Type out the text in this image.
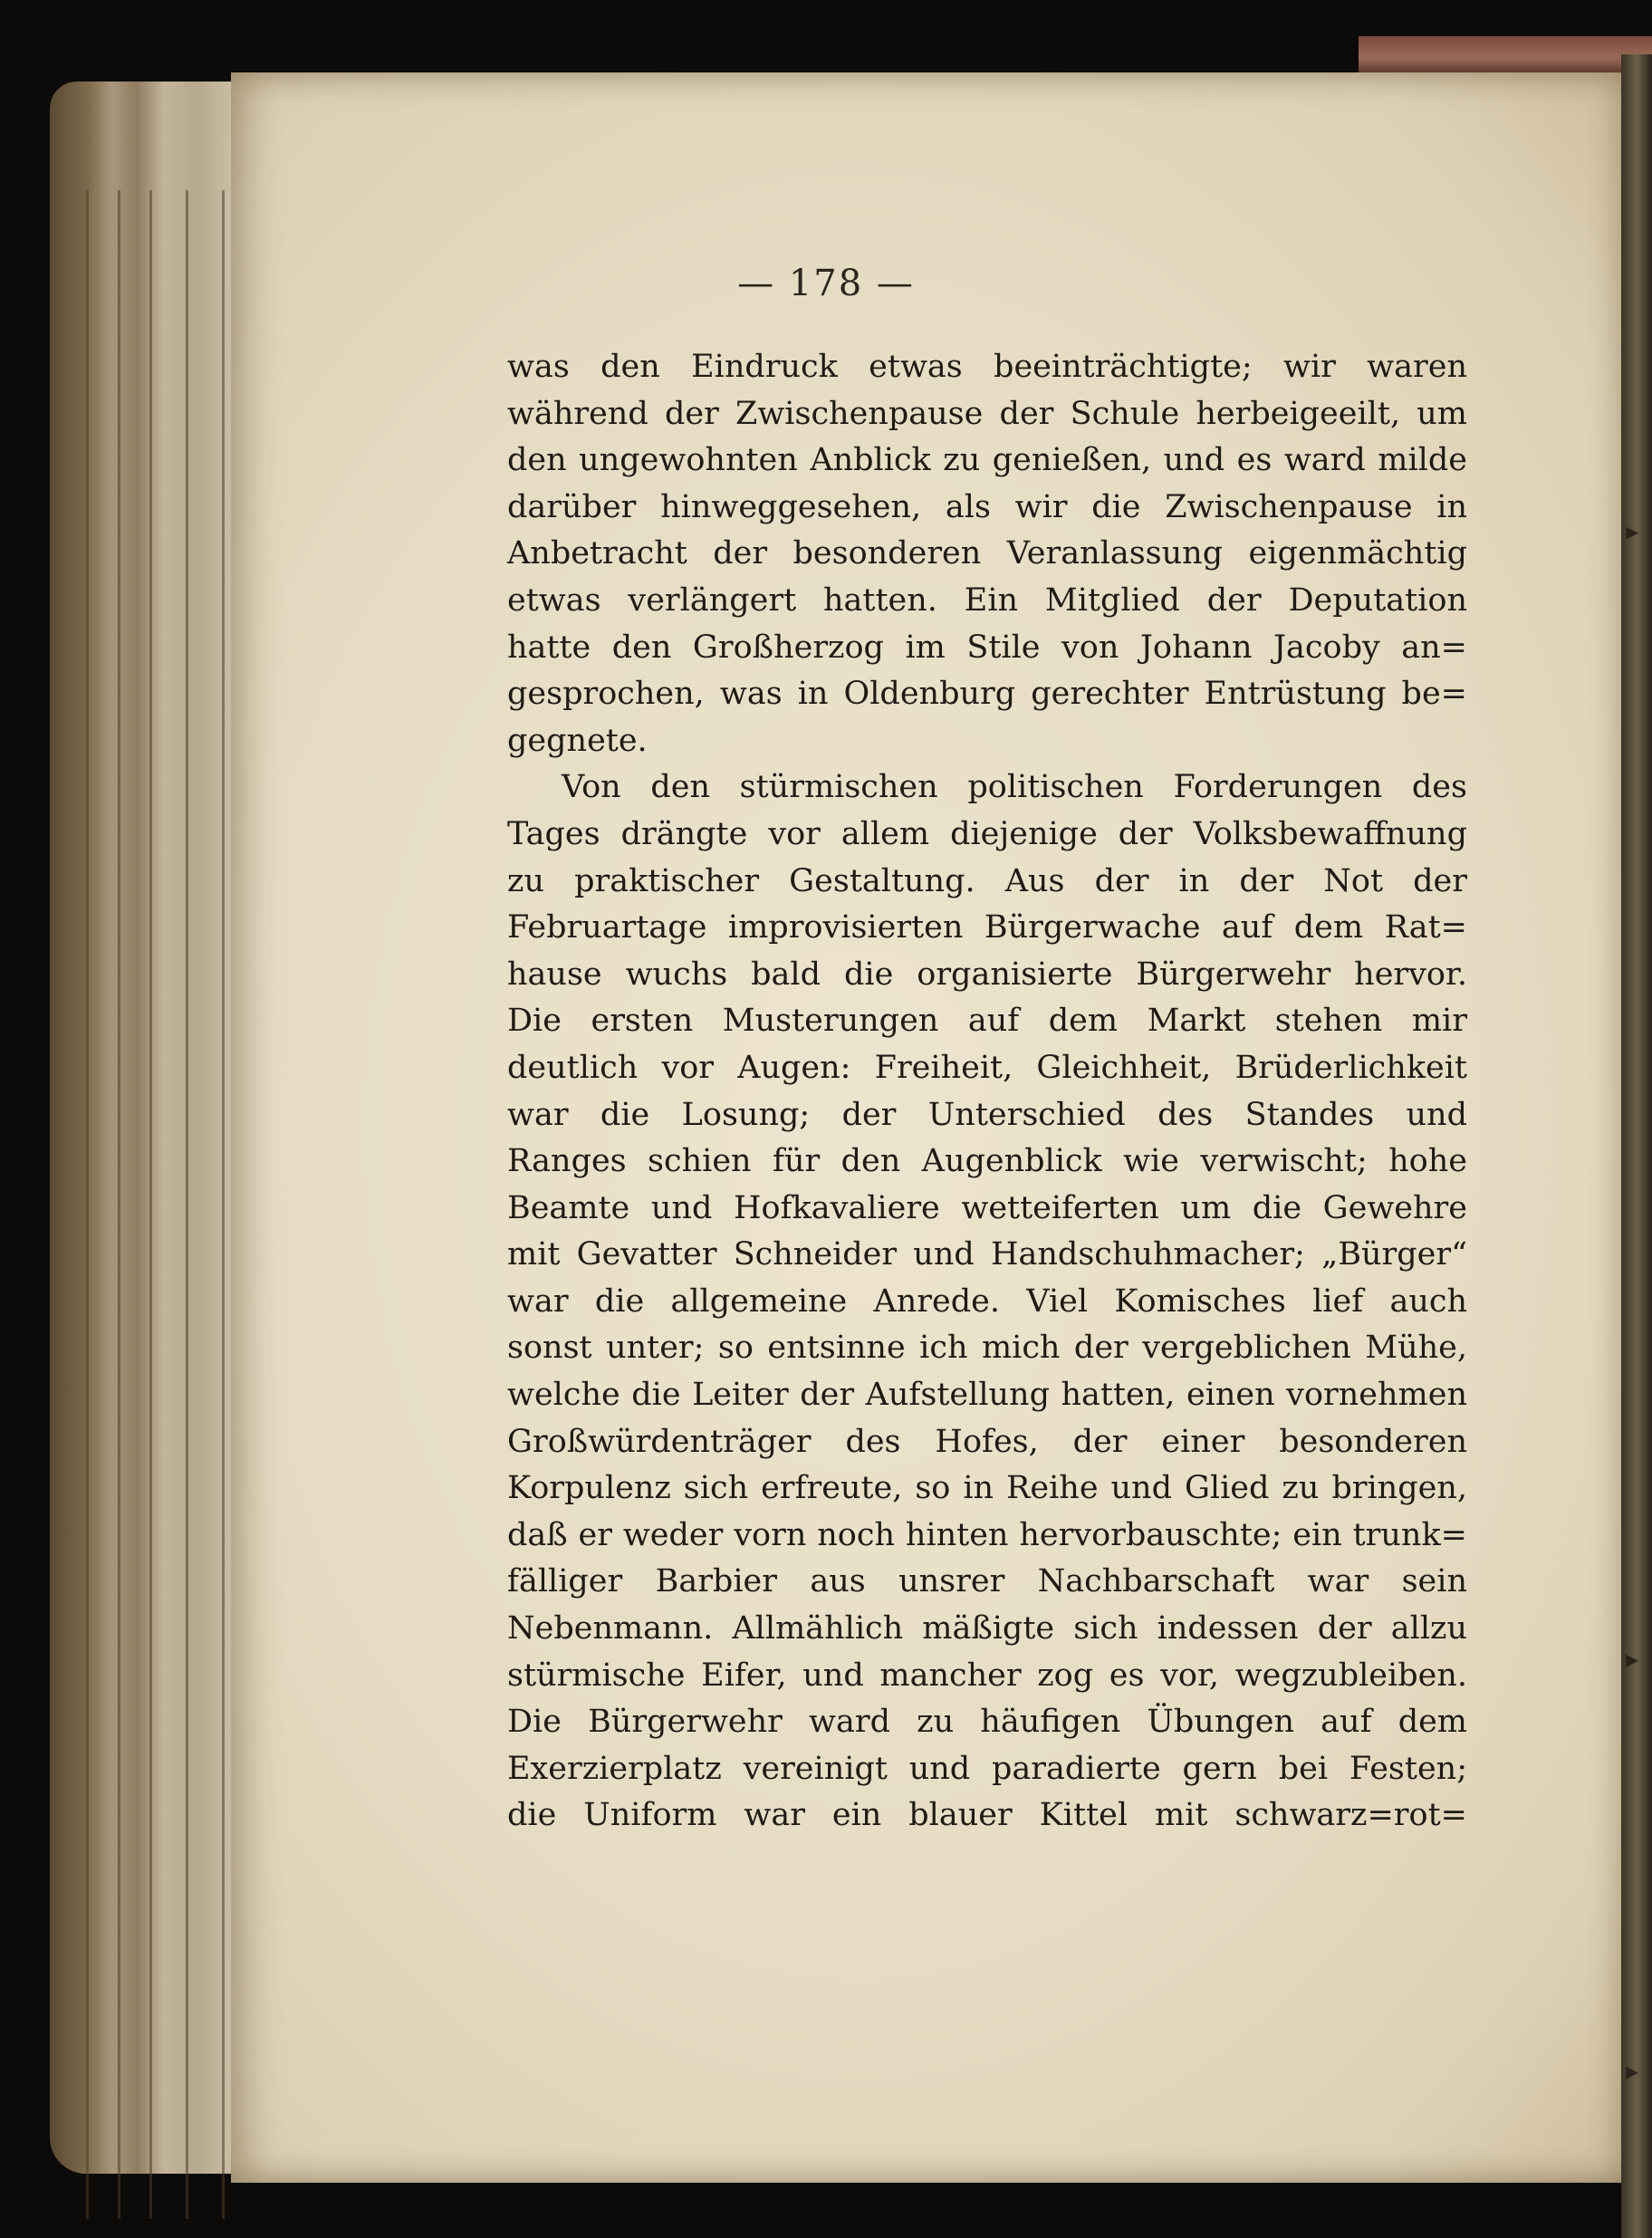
— 178 —
was den Eindruck etwas beeinträchtigte; wir waren
während der Zwischenpause der Schule herbeigeeilt, um
den ungewohnten Anblick zu genießen, und es ward milde
darüber hinweggesehen, als wir die Zwischenpause in
Anbetracht der besonderen Veranlassung eigenmächtig
etwas verlängert hatten. Ein Mitglied der Deputation
hatte den Großherzog im Stile von Johann Jacoby an=
gesprochen, was in Oldenburg gerechter Entrüstung be=
gegnete.
Von den stürmischen politischen Forderungen des
Tages drängte vor allem diejenige der Volksbewaffnung
zu praktischer Gestaltung. Aus der in der Not der
Februartage improvisierten Bürgerwache auf dem Rat=
hause wuchs bald die organisierte Bürgerwehr hervor.
Die ersten Musterungen auf dem Markt stehen mir
deutlich vor Augen: Freiheit, Gleichheit, Brüderlichkeit
war die Losung; der Unterschied des Standes und
Ranges schien für den Augenblick wie verwischt; hohe
Beamte und Hofkavaliere wetteiferten um die Gewehre
mit Gevatter Schneider und Handschuhmacher; „Bürger“
war die allgemeine Anrede. Viel Komisches lief auch
sonst unter; so entsinne ich mich der vergeblichen Mühe,
welche die Leiter der Aufstellung hatten, einen vornehmen
Großwürdenträger des Hofes, der einer besonderen
Korpulenz sich erfreute, so in Reihe und Glied zu bringen,
daß er weder vorn noch hinten hervorbauschte; ein trunk=
fälliger Barbier aus unsrer Nachbarschaft war sein
Nebenmann. Allmählich mäßigte sich indessen der allzu
stürmische Eifer, und mancher zog es vor, wegzubleiben.
Die Bürgerwehr ward zu häufigen Übungen auf dem
Exerzierplatz vereinigt und paradierte gern bei Festen;
die Uniform war ein blauer Kittel mit schwarz=rot=
▸
▸
▸
